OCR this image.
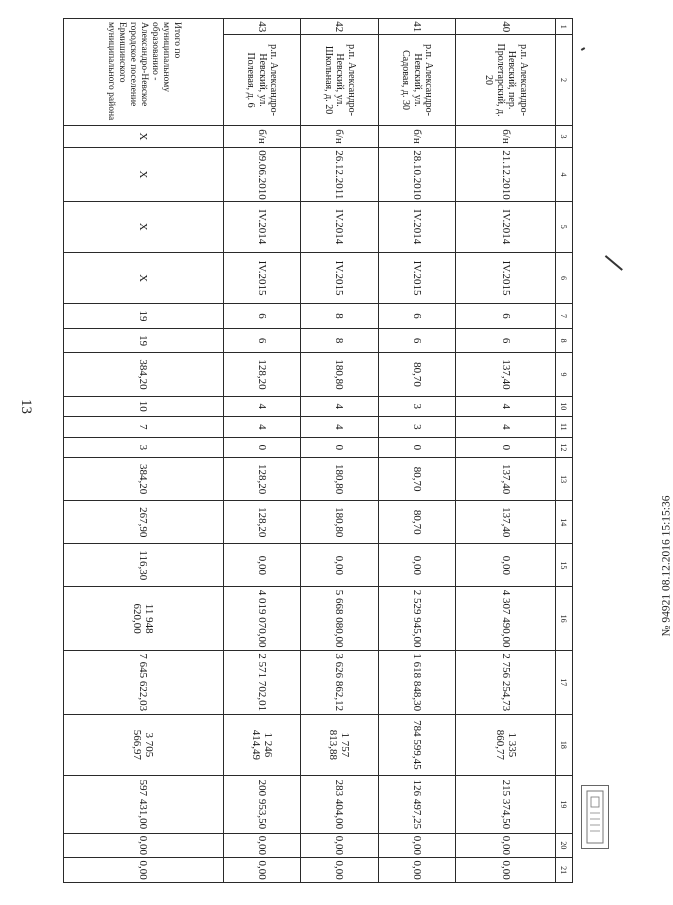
13
1	2	3	4	5	6	7	8	9	10	11	12	13	14	15	16	17	18	19	20	21
40	р.п. Александро-Невский, пер. Пролетарский, д. 20	б/н	21.12.2010	IV.2014	IV.2015	6	6	137,40	4	4	0	137,40	137,40	0,00	4 307 490,00	2 756 254,73	1 335 860,77	215 374,50	0,00	0,00
41	р.п. Александро-Невский, ул. Садовая, д. 30	б/н	28.10.2010	IV.2014	IV.2015	6	6	80,70	3	3	0	80,70	80,70	0,00	2 529 945,00	1 618 848,30	784 599,45	126 497,25	0,00	0,00
42	р.п. Александро-Невский, ул. Школьная, д. 20	б/н	26.12.2011	IV.2014	IV.2015	8	8	180,80	4	4	0	180,80	180,80	0,00	5 668 080,00	3 626 862,12	1 757 813,88	283 404,00	0,00	0,00
43	р.п. Александро-Невский, ул. Полевая, д. 6	б/н	09.06.2010	IV.2014	IV.2015	6	6	128,20	4	4	0	128,20	128,20	0,00	4 019 070,00	2 571 702,01	1 246 414,49	200 953,50	0,00	0,00
Итого по муниципальному образованию - Александро-Невское городское поселение Ермишинского муниципального района		X	X	X	X	19	19	384,20	10	7	3	384,20	267,90	116,30	11 948 620,00	7 645 622,03	3 705 566,97	597 431,00	0,00	0,00
№ 94921 08.12.2016 15:15:36
